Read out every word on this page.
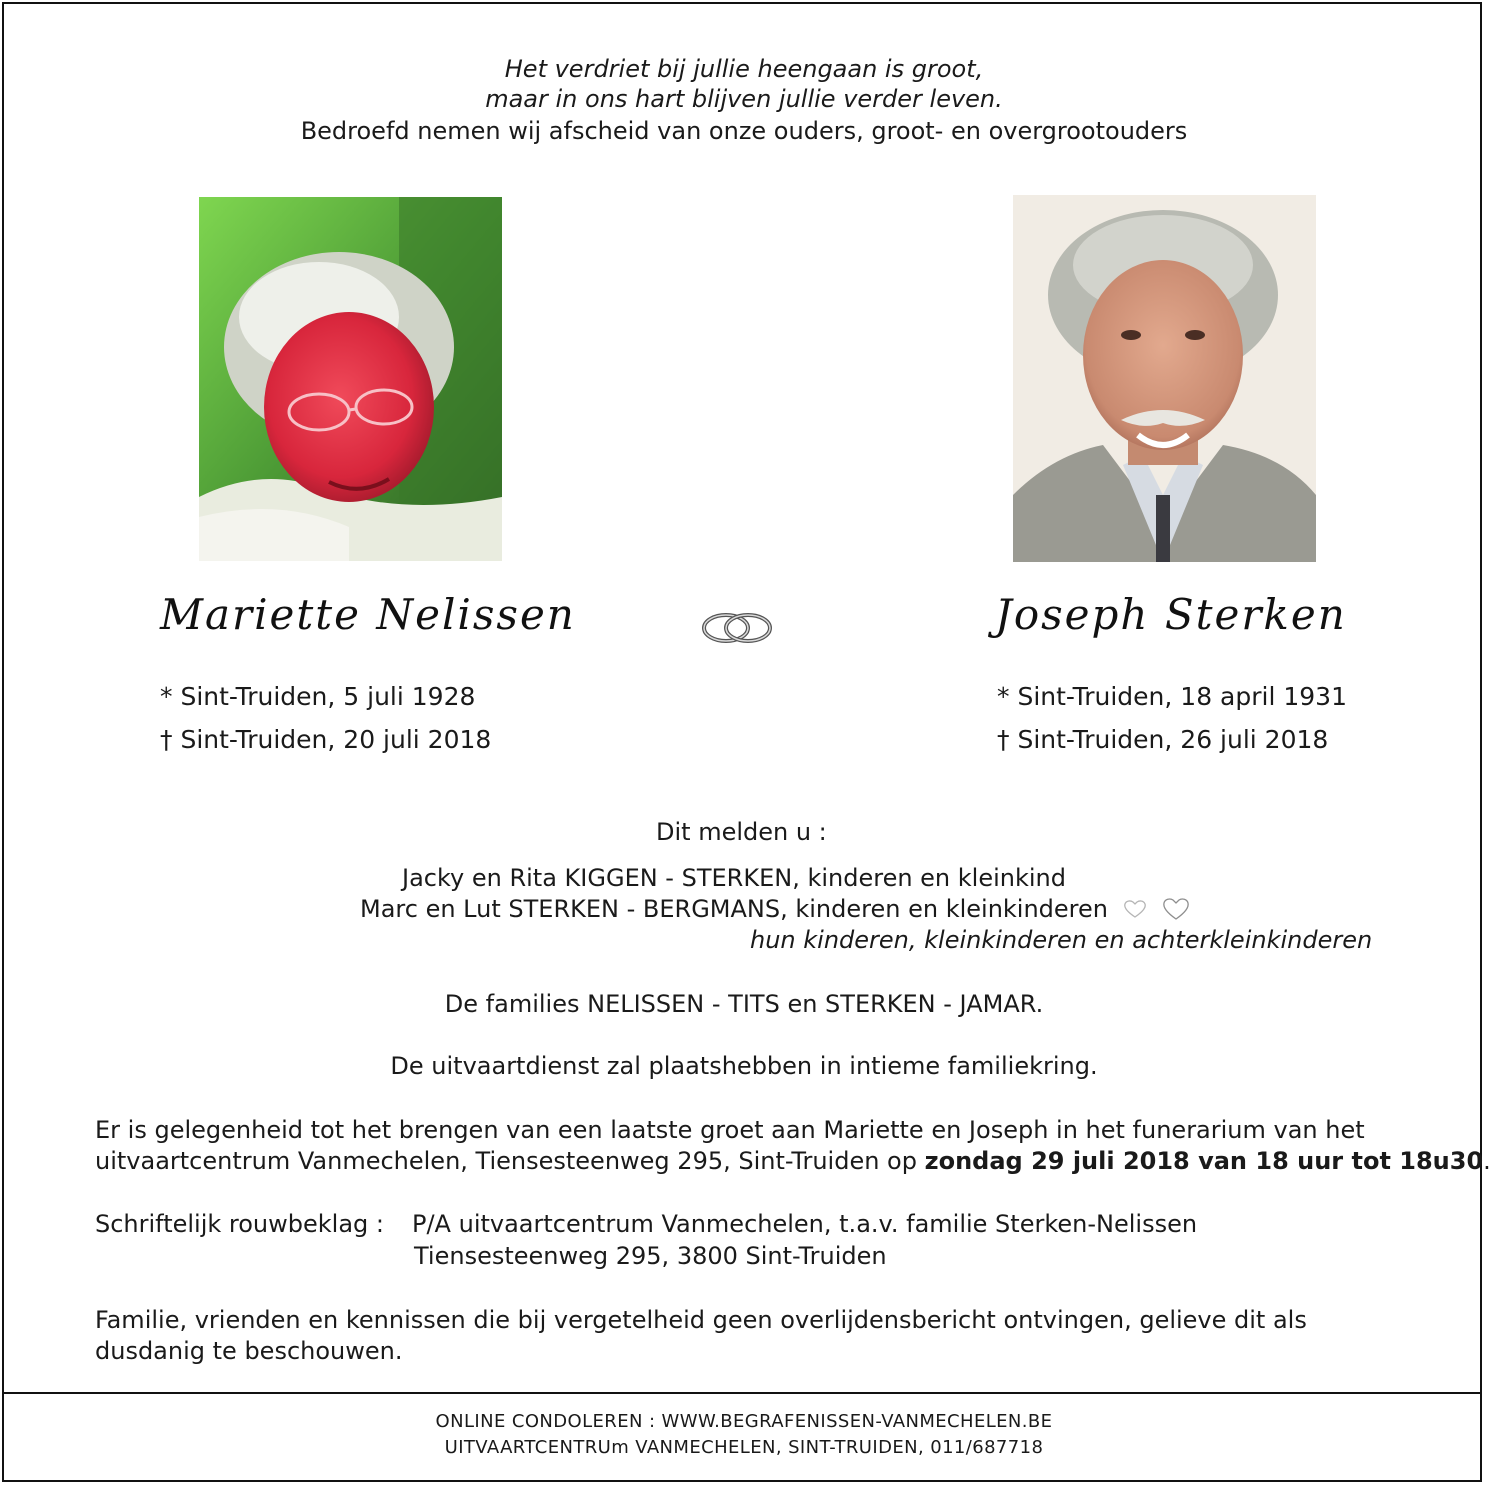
Het verdriet bij jullie heengaan is groot,
maar in ons hart blijven jullie verder leven.
Bedroefd nemen wij afscheid van onze ouders, groot- en overgrootouders
Mariette Nelissen	Joseph Sterken
* Sint-Truiden, 5 juli 1928
† Sint-Truiden, 20 juli 2018
* Sint-Truiden, 18 april 1931
† Sint-Truiden, 26 juli 2018
Dit melden u :
Jacky en Rita KIGGEN - STERKEN, kinderen en kleinkind
Marc en Lut STERKEN - BERGMANS, kinderen en kleinkinderen
hun kinderen, kleinkinderen en achterkleinkinderen
De families NELISSEN - TITS en STERKEN - JAMAR.
De uitvaartdienst zal plaatshebben in intieme familiekring.
Er is gelegenheid tot het brengen van een laatste groet aan Mariette en Joseph in het funerarium van het
uitvaartcentrum Vanmechelen, Tiensesteenweg 295, Sint-Truiden op zondag 29 juli 2018 van 18 uur tot 18u30.
Schriftelijk rouwbeklag : P/A uitvaartcentrum Vanmechelen, t.a.v. familie Sterken-Nelissen
Tiensesteenweg 295, 3800 Sint-Truiden
Familie, vrienden en kennissen die bij vergetelheid geen overlijdensbericht ontvingen, gelieve dit als
dusdanig te beschouwen.
ONLINE CONDOLEREN : WWW.BEGRAFENISSEN-VANMECHELEN.BE
UITVAARTCENTRUm VANMECHELEN, SINT-TRUIDEN, 011/687718
